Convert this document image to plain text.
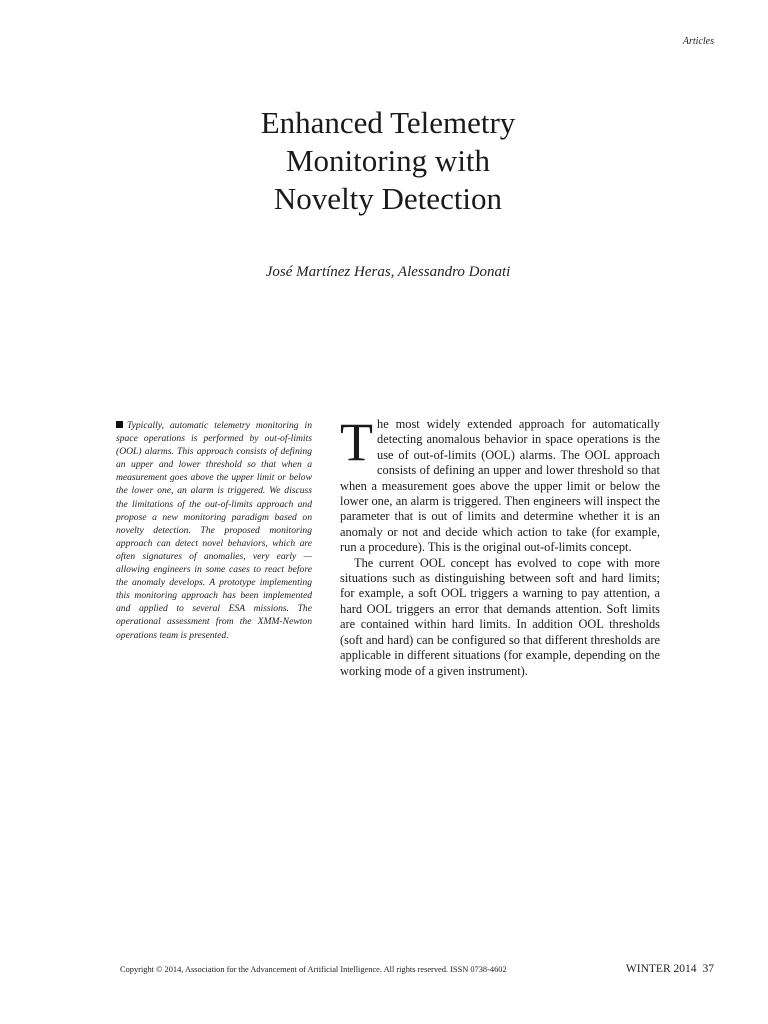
Articles
Enhanced Telemetry
Monitoring with
Novelty Detection
José Martínez Heras, Alessandro Donati

Typically, automatic telemetry monitoring in space operations is performed by out-of-limits (OOL) alarms. This approach consists of defining an upper and lower threshold so that when a measurement goes above the upper limit or below the lower one, an alarm is triggered. We discuss the limitations of the out-of-limits approach and propose a new monitoring paradigm based on novelty detection. The proposed monitoring approach can detect novel behaviors, which are often signatures of anomalies, very early — allowing engineers in some cases to react before the anomaly develops. A prototype implementing this monitoring approach has been implemented and applied to several ESA missions. The operational assessment from the XMM-Newton operations team is presented.

The most widely extended approach for automatically detecting anomalous behavior in space operations is the use of out-of-limits (OOL) alarms. The OOL approach consists of defining an upper and lower threshold so that when a measurement goes above the upper limit or below the lower one, an alarm is triggered. Then engineers will inspect the parameter that is out of limits and determine whether it is an anomaly or not and decide which action to take (for example, run a procedure). This is the original out-of-limits concept.

The current OOL concept has evolved to cope with more situations such as distinguishing between soft and hard limits; for example, a soft OOL triggers a warning to pay attention, a hard OOL triggers an error that demands attention. Soft limits are contained within hard limits. In addition OOL thresholds (soft and hard) can be configured so that different thresholds are applicable in different situations (for example, depending on the working mode of a given instrument).

Copyright © 2014, Association for the Advancement of Artificial Intelligence. All rights reserved. ISSN 0738-4602	WINTER 2014 37
